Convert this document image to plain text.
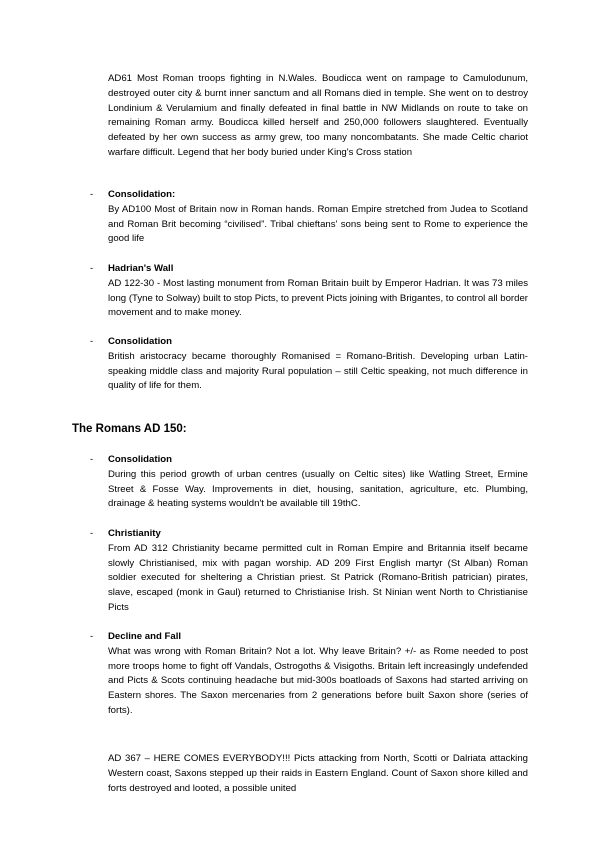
AD61 Most Roman troops fighting in N.Wales. Boudicca went on rampage to Camulodunum, destroyed outer city & burnt inner sanctum and all Romans died in temple. She went on to destroy Londinium & Verulamium and finally defeated in final battle in NW Midlands on route to take on remaining Roman army. Boudicca killed herself and 250,000 followers slaughtered. Eventually defeated by her own success as army grew, too many noncombatants. She made Celtic chariot warfare difficult. Legend that her body buried under King's Cross station

- Consolidation:

By AD100 Most of Britain now in Roman hands. Roman Empire stretched from Judea to Scotland and Roman Brit becoming “civilised”. Tribal chieftans' sons being sent to Rome to experience the good life

- Hadrian's Wall

AD 122-30 - Most lasting monument from Roman Britain built by Emperor Hadrian. It was 73 miles long (Tyne to Solway) built to stop Picts, to prevent Picts joining with Brigantes, to control all border movement and to make money.

- Consolidation

British aristocracy became thoroughly Romanised = Romano-British. Developing urban Latin-speaking middle class and majority Rural population – still Celtic speaking, not much difference in quality of life for them.

The Romans AD 150:
- Consolidation

During this period growth of urban centres (usually on Celtic sites) like Watling Street, Ermine Street & Fosse Way. Improvements in diet, housing, sanitation, agriculture, etc. Plumbing, drainage & heating systems wouldn't be available till 19thC.

- Christianity

From AD 312 Christianity became permitted cult in Roman Empire and Britannia itself became slowly Christianised, mix with pagan worship. AD 209 First English martyr (St Alban) Roman soldier executed for sheltering a Christian priest. St Patrick (Romano-British patrician) pirates, slave, escaped (monk in Gaul) returned to Christianise Irish. St Ninian went North to Christianise Picts

- Decline and Fall

What was wrong with Roman Britain? Not a lot. Why leave Britain? +/- as Rome needed to post more troops home to fight off Vandals, Ostrogoths & Visigoths. Britain left increasingly undefended and Picts & Scots continuing headache but mid-300s boatloads of Saxons had started arriving on Eastern shores. The Saxon mercenaries from 2 generations before built Saxon shore (series of forts).

AD 367 – HERE COMES EVERYBODY!!! Picts attacking from North, Scotti or Dalriata attacking Western coast, Saxons stepped up their raids in Eastern England. Count of Saxon shore killed and forts destroyed and looted, a possible united
